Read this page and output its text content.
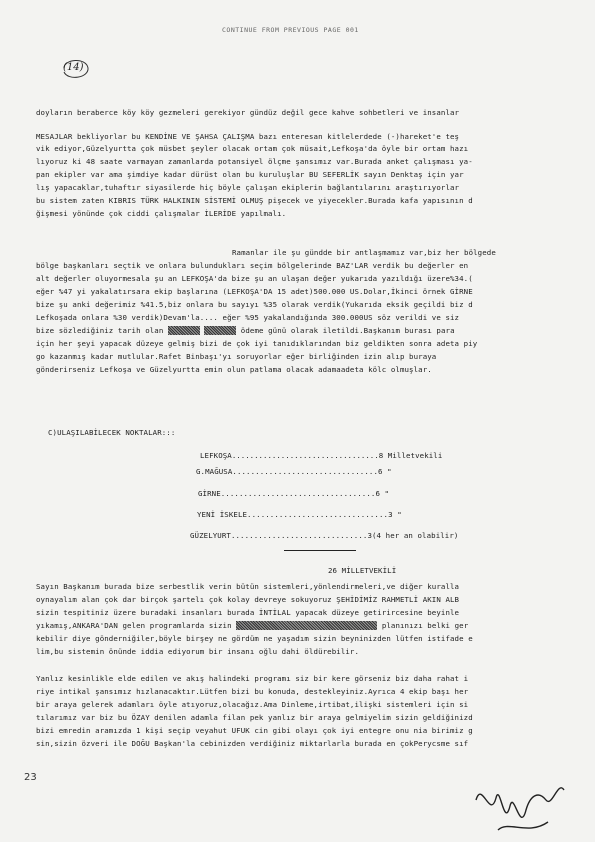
CONTINUE FROM PREVIOUS PAGE 001
(14)
doyların beraberce köy köy gezmeleri gerekiyor gündüz değil gece kahve sohbetleri ve insanlar
MESAJLAR bekliyorlar bu KENDİNE VE ŞAHSA ÇALIŞMA bazı enteresan kitlelerdede (-)hareket'e teş
vik ediyor,Güzelyurtta çok müsbet şeyler olacak ortam çok müsait,Lefkoşa'da öyle bir ortam hazı
lıyoruz ki 48 saate varmayan zamanlarda potansiyel ölçme şansımız var.Burada anket çalışması ya-
pan ekipler var ama şimdiye kadar dürüst olan bu kuruluşlar BU SEFERLİK sayın Denktaş için yar
lış yapacaklar,tuhaftır siyasilerde hiç böyle çalışan ekiplerin bağlantılarını araştırıyorlar
bu sistem zaten KIBRIS TÜRK HALKININ SİSTEMİ OLMUŞ pişecek ve yiyecekler.Burada kafa yapısının d
ğişmesi yönünde çok ciddi çalışmalar İLERİDE yapılmalı.
Ramanlar ile şu gündde bir antlaşmamız var,biz her bölgede
bölge başkanları seçtik ve onlara bulundukları seçim bölgelerinde BAZ'LAR verdik bu değerler en
alt değerler oluyormesala şu an LEFKOŞA'da bize şu an ulaşan değer yukarıda yazıldığı üzere%34.(
eğer %47 yi yakalatırsara ekip başlarına (LEFKOŞA'DA 15 adet)500.000 US.Dolar,İkinci örnek GİRNE
bize şu anki değerimiz %41.5,biz onlara bu sayıyı %35 olarak verdik(Yukarıda eksik geçildi biz d
Lefkoşada onlara %30 verdik)Devam'la.... eğer %95 yakalandığında 300.000US söz verildi ve siz
bize sözlediğiniz tarih olan	ödeme günü olarak iletildi.Başkanım burası para
için her şeyi yapacak düzeye gelmiş bizi de çok iyi tanıdıklarından biz geldikten sonra adeta piy
go kazanmış kadar mutlular.Rafet Binbaşı'yı soruyorlar eğer birliğinden izin alıp buraya
gönderirseniz Lefkoşa ve Güzelyurtta emin olun patlama olacak adamaadeta kölc olmuşlar.
C)ULAŞILABİLECEK NOKTALAR:::
LEFKOŞA.................................8 Milletvekili
G.MAĞUSA................................6 "
GİRNE..................................6 "
YENİ İSKELE...............................3 "
GÜZELYURT..............................3(4 her an olabilir)
26 MİLLETVEKİLİ
Sayın Başkanım burada bize serbestlik verin bütün sistemleri,yönlendirmeleri,ve diğer kuralla
oynayalım alan çok dar birçok şartelı çok kolay devreye sokuyoruz ŞEHİDİMİZ RAHMETLİ AKIN ALB
sizin tespitiniz üzere buradaki insanları burada İNTİLAL yapacak düzeye getirircesine beyinle
yıkamış,ANKARA'DAN gelen programlarda sizin	planınızı belki ger
kebilir diye gönderniğiler,böyle birşey ne gördüm ne yaşadım sizin beyninizden lütfen istifade e
lim,bu sistemin önünde iddia ediyorum bir insanı oğlu dahi öldürebilir.
Yanlız kesinlikle elde edilen ve akış halindeki programı siz bir kere görseniz biz daha rahat i
riye intikal şansımız hızlanacaktır.Lütfen bizi bu konuda, destekleyiniz.Ayrıca 4 ekip başı her
bir araya gelerek adamları öyle atıyoruz,olacağız.Ama Dinleme,irtibat,ilişki sistemleri için si
tılarımız var biz bu ÖZAY denilen adamla filan pek yanlız bir araya gelmiyelim sizin geldiğinizd
bizi emredin aramızda 1 kişi seçip veyahut UFUK cin gibi olayı çok iyi entegre onu nia birimiz g
sin,sizin özveri ile DOĞU Başkan'la cebinizden verdiğiniz miktarlarla burada en çokPerycsme sıf
23
